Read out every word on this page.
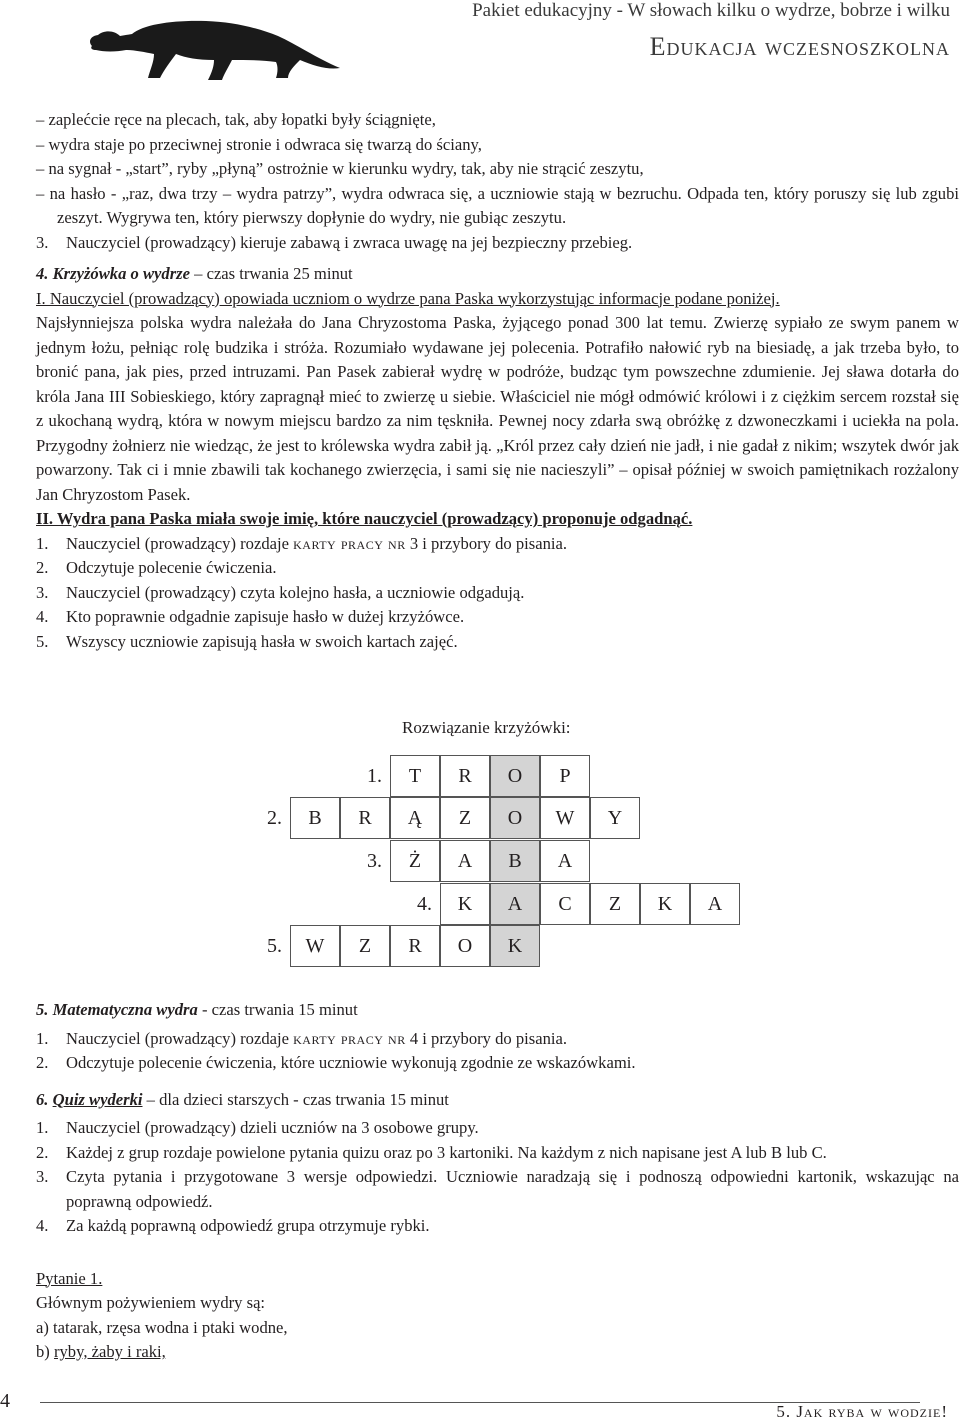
Pakiet edukacyjny - W słowach kilku o wydrze, bobrze i wilku
Edukacja wczesnoszkolna

– zaplećcie ręce na plecach, tak, aby łopatki były ściągnięte,

– wydra staje po przeciwnej stronie i odwraca się twarzą do ściany,

– na sygnał - „start”, ryby „płyną” ostrożnie w kierunku wydry, tak, aby nie strącić zeszytu,

– na hasło - „raz, dwa trzy – wydra patrzy”, wydra odwraca się, a uczniowie stają w bezruchu. Odpada ten, który poruszy się lub zgubi zeszyt. Wygrywa ten, który pierwszy dopłynie do wydry, nie gubiąc zeszytu.

3. Nauczyciel (prowadzący) kieruje zabawą i zwraca uwagę na jej bezpieczny przebieg.

4. Krzyżówka o wydrze – czas trwania 25 minut

I. Nauczyciel (prowadzący) opowiada uczniom o wydrze pana Paska wykorzystując informacje podane poniżej.

Najsłynniejsza polska wydra należała do Jana Chryzostoma Paska, żyjącego ponad 300 lat temu. Zwierzę sypiało ze swym panem w jednym łożu, pełniąc rolę budzika i stróża. Rozumiało wydawane jej polecenia. Potrafiło nałowić ryb na biesiadę, a jak trzeba było, to bronić pana, jak pies, przed intruzami. Pan Pasek zabierał wydrę w podróże, budząc tym powszechne zdumienie. Jej sława dotarła do króla Jana III Sobieskiego, który zapragnął mieć to zwierzę u siebie. Właściciel nie mógł odmówić królowi i z ciężkim sercem rozstał się z ukochaną wydrą, która w nowym miejscu bardzo za nim tęskniła. Pewnej nocy zdarła swą obróżkę z dzwoneczkami i uciekła na pola. Przygodny żołnierz nie wiedząc, że jest to królewska wydra zabił ją. „Król przez cały dzień nie jadł, i nie gadał z nikim; wszytek dwór jak powarzony. Tak ci i mnie zbawili tak kochanego zwierzęcia, i sami się nie nacieszyli” – opisał później w swoich pamiętnikach rozżalony Jan Chryzostom Pasek.

II. Wydra pana Paska miała swoje imię, które nauczyciel (prowadzący) proponuje odgadnąć.

1. Nauczyciel (prowadzący) rozdaje karty pracy nr 3 i przybory do pisania.

2. Odczytuje polecenie ćwiczenia.

3. Nauczyciel (prowadzący) czyta kolejno hasła, a uczniowie odgadują.

4. Kto poprawnie odgadnie zapisuje hasło w dużej krzyżówce.

5. Wszyscy uczniowie zapisują hasła w swoich kartach zajęć.

Rozwiązanie krzyżówki:
1.	T	R	O	P
2.	B	R	Ą	Z	O	W	Y
3.	Ż	A	B	A
4.	K	A	C	Z	K	A
5.	W	Z	R	O	K

5. Matematyczna wydra - czas trwania 15 minut

1. Nauczyciel (prowadzący) rozdaje karty pracy nr 4 i przybory do pisania.

2. Odczytuje polecenie ćwiczenia, które uczniowie wykonują zgodnie ze wskazówkami.

6. Quiz wyderki – dla dzieci starszych - czas trwania 15 minut

1. Nauczyciel (prowadzący) dzieli uczniów na 3 osobowe grupy.

2. Każdej z grup rozdaje powielone pytania quizu oraz po 3 kartoniki. Na każdym z nich napisane jest A lub B lub C.

3. Czyta pytania i przygotowane 3 wersje odpowiedzi. Uczniowie naradzają się i podnoszą odpowiedni kartonik, wskazując na poprawną odpowiedź.

4. Za każdą poprawną odpowiedź grupa otrzymuje rybki.

Pytanie 1.

Głównym pożywieniem wydry są:

a) tatarak, rzęsa wodna i ptaki wodne,

b) ryby, żaby i raki,

4	5. Jak ryba w wodzie!
